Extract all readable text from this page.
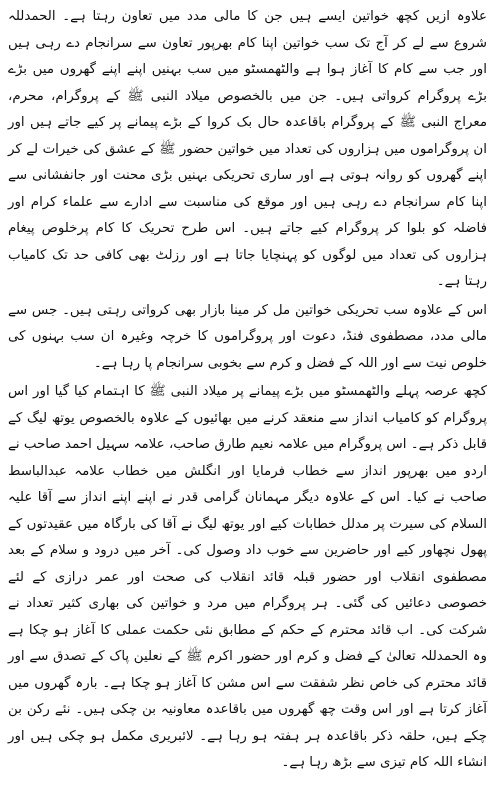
علاوہ ازیں کچھ خواتین ایسے ہیں جن کا مالی مدد میں تعاون رہتا ہے۔ الحمدللہ شروع سے لے کر آج تک سب خواتین اپنا کام بھرپور تعاون سے سرانجام دے رہی ہیں اور جب سے کام کا آغاز ہوا ہے والٹھمسٹو میں سب بہنیں اپنے اپنے گھروں میں بڑے بڑے پروگرام کرواتی ہیں۔ جن میں بالخصوص میلاد النبی ﷺ کے پروگرام، محرم، معراج النبی ﷺ کے پروگرام باقاعدہ حال بک کروا کے بڑے پیمانے پر کیے جاتے ہیں اور ان پروگراموں میں ہزاروں کی تعداد میں خواتین حضور ﷺ کے عشق کی خیرات لے کر اپنے گھروں کو روانہ ہوتی ہے اور ساری تحریکی بہنیں بڑی محنت اور جانفشانی سے اپنا کام سرانجام دے رہی ہیں اور موقع کی مناسبت سے ادارے سے علماء کرام اور فاضلہ کو بلوا کر پروگرام کیے جاتے ہیں۔ اس طرح تحریک کا کام پرخلوص پیغام ہزاروں کی تعداد میں لوگوں کو پہنچایا جاتا ہے اور رزلٹ بھی کافی حد تک کامیاب رہتا ہے۔

اس کے علاوہ سب تحریکی خواتین مل کر مینا بازار بھی کرواتی رہتی ہیں۔ جس سے مالی مدد، مصطفوی فنڈ، دعوت اور پروگراموں کا خرچہ وغیرہ ان سب بہنوں کی خلوص نیت سے اور اللہ کے فضل و کرم سے بخوبی سرانجام پا رہا ہے۔

کچھ عرصہ پہلے والٹھمسٹو میں بڑے پیمانے پر میلاد النبی ﷺ کا اہتمام کیا گیا اور اس پروگرام کو کامیاب انداز سے منعقد کرنے میں بھائیوں کے علاوہ بالخصوص یوتھ لیگ کے قابل ذکر ہے۔ اس پروگرام میں علامہ نعیم طارق صاحب، علامہ سہیل احمد صاحب نے اردو میں بھرپور انداز سے خطاب فرمایا اور انگلش میں خطاب علامہ عبدالباسط صاحب نے کیا۔ اس کے علاوہ دیگر مہمانان گرامی قدر نے اپنے اپنے انداز سے آقا علیہ السلام کی سیرت پر مدلل خطابات کیے اور یوتھ لیگ نے آقا کی بارگاہ میں عقیدتوں کے پھول نچھاور کیے اور حاضرین سے خوب داد وصول کی۔ آخر میں درود و سلام کے بعد مصطفوی انقلاب اور حضور قبلہ قائد انقلاب کی صحت اور عمر درازی کے لئے خصوصی دعائیں کی گئی۔ ہر پروگرام میں مرد و خواتین کی بھاری کثیر تعداد نے شرکت کی۔ اب قائد محترم کے حکم کے مطابق نئی حکمت عملی کا آغاز ہو چکا ہے وہ الحمدللہ تعالیٰ کے فضل و کرم اور حضور اکرم ﷺ کے نعلین پاک کے تصدق سے اور قائد محترم کی خاص نظر شفقت سے اس مشن کا آغاز ہو چکا ہے۔ بارہ گھروں میں آغاز کرتا ہے اور اس وقت چھ گھروں میں باقاعدہ معاونیہ بن چکی ہیں۔ نئے رکن بن چکے ہیں، حلقہ ذکر باقاعدہ ہر ہفتہ ہو رہا ہے۔ لائبریری مکمل ہو چکی ہیں اور انشاء اللہ کام تیزی سے بڑھ رہا ہے۔
